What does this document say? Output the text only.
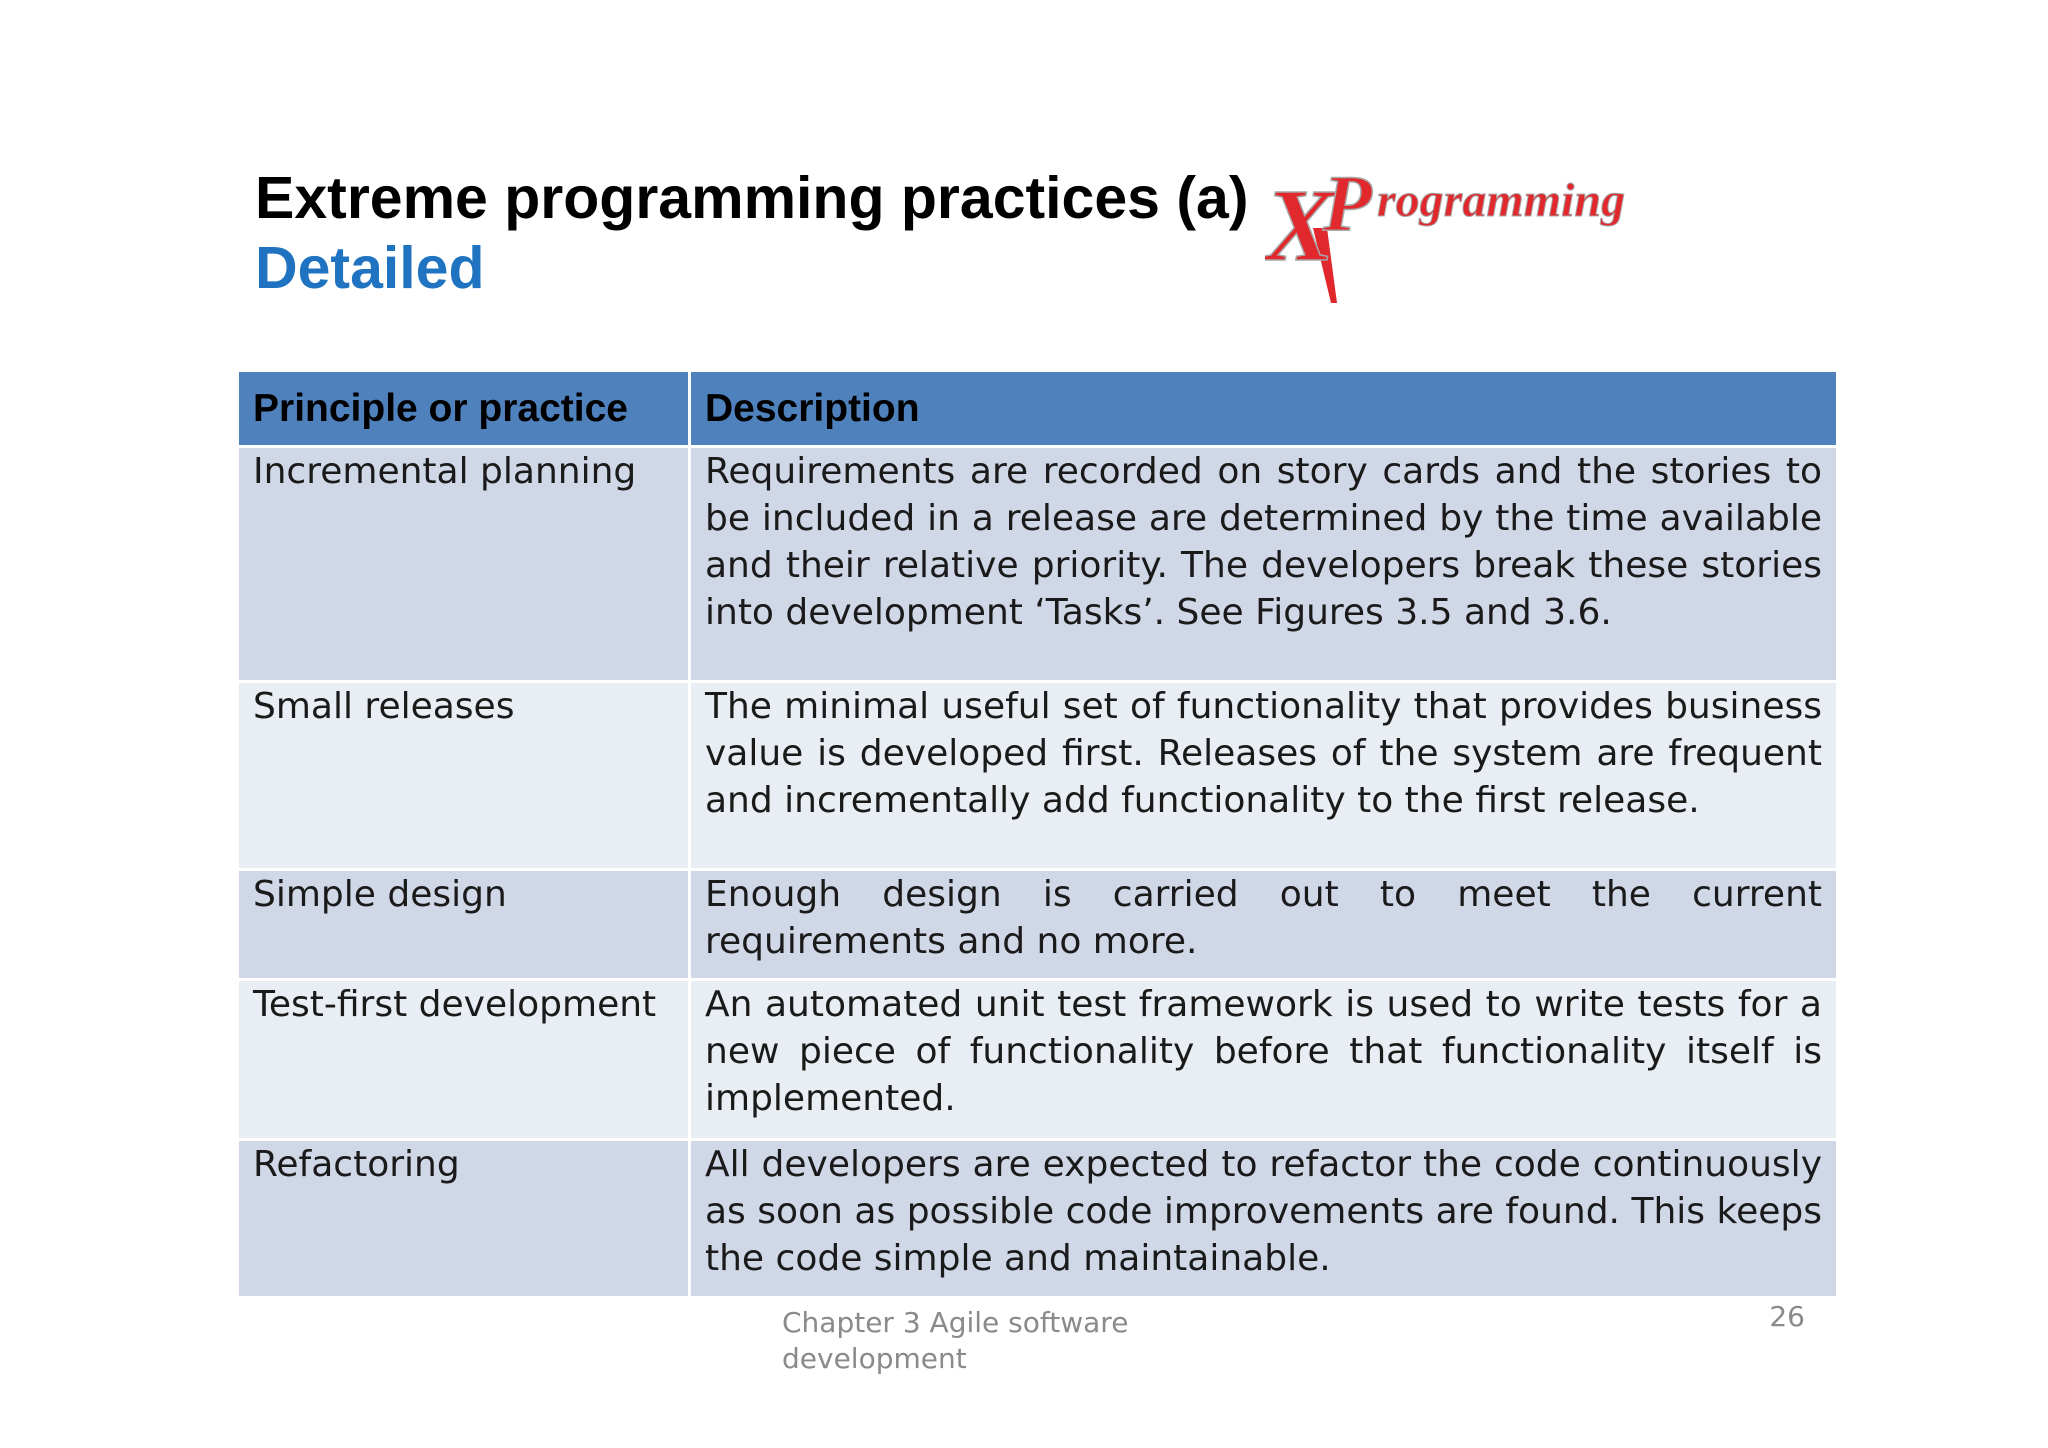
Extreme programming practices (a)
Detailed	X
P rogramming
Principle or practice	Description
Incremental planning	Requirements are recorded on story cards and the stories to be included in a release are determined by the time available and their relative priority. The developers break these stories into development ‘Tasks’. See Figures 3.5 and 3.6.
Small releases	The minimal useful set of functionality that provides business value is developed first. Releases of the system are frequent and incrementally add functionality to the first release.
Simple design	Enough design is carried out to meet the current requirements and no more.
Test-first development	An automated unit test framework is used to write tests for a new piece of functionality before that functionality itself is implemented.
Refactoring	All developers are expected to refactor the code continuously as soon as possible code improvements are found. This keeps the code simple and maintainable.
Chapter 3 Agile software development
26
